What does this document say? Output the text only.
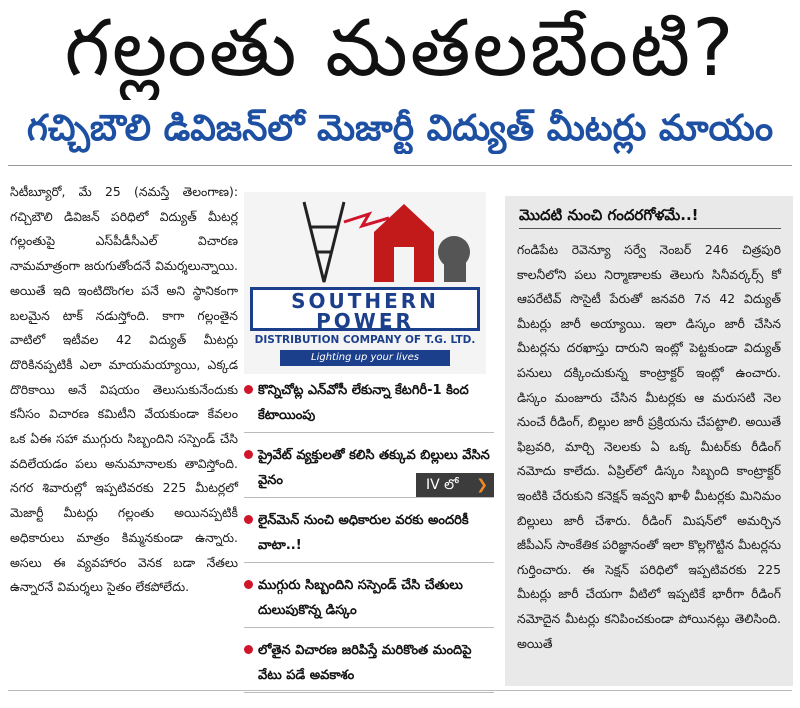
గల్లంతు మతలబేంటి?
గచ్చిబౌలి డివిజన్‌లో మెజార్టీ విద్యుత్ మీటర్లు మాయం

సిటీబ్యూరో, మే 25 (నమస్తే తెలంగాణ): గచ్చిబౌలి డివిజన్ పరిధిలో విద్యుత్ మీటర్ల గల్లంతుపై ఎస్‌పీడీసీఎల్ విచారణ నామమాత్రంగా జరుగుతోందనే విమర్శలున్నాయి. అయితే ఇది ఇంటిదొంగల పనే అని స్థానికంగా బలమైన టాక్ నడుస్తోంది. కాగా గల్లంతైన వాటిలో ఇటీవల 42 విద్యుత్ మీటర్లు దొరికినప్పటికీ ఎలా మాయమయ్యాయి, ఎక్కడ దొరికాయి అనే విషయం తెలుసుకునేందుకు కనీసం విచారణ కమిటీని వేయకుండా కేవలం ఒక ఏఈ సహా ముగ్గురు సిబ్బందిని సస్పెండ్ చేసి వదిలేయడం పలు అనుమానాలకు తావిస్తోంది. నగర శివారుల్లో ఇప్పటివరకు 225 మీటర్లలో మెజార్టీ మీటర్లు గల్లంతు అయినప్పటికీ అధికారులు మాత్రం కిమ్మనకుండా ఉన్నారు. అసలు ఈ వ్యవహారం వెనక బడా నేతలు ఉన్నారనే విమర్శలు సైతం లేకపోలేదు.

SOUTHERN
POWER
DISTRIBUTION COMPANY OF T.G. LTD.
Lighting up your lives
కొన్నిచోట్ల ఎన్‌వోసీ లేకున్నా కేటగిరీ-1 కింద కేటాయింపు
ప్రైవేట్ వ్యక్తులతో కలిసి తక్కువ బిల్లులు వేసిన వైనం
లైన్‌మెన్ నుంచి అధికారుల వరకు అందరికీ వాటా..!
ముగ్గురు సిబ్బందిని సస్పెండ్ చేసి చేతులు దులుపుకొన్న డిస్కం
లోతైన విచారణ జరిపిస్తే మరికొంత మందిపై వేటు పడే అవకాశం
IV లో ❯
మొదటి నుంచి గందరగోళమే..!

గండిపేట రెవెన్యూ సర్వే నెంబర్ 246 చిత్రపురి కాలనీలోని పలు నిర్మాణాలకు తెలుగు సినీవర్కర్స్ కో ఆపరేటివ్ సొసైటీ పేరుతో జనవరి 7న 42 విద్యుత్ మీటర్లు జారీ అయ్యాయి. ఇలా డిస్కం జారీ చేసిన మీటర్లను దరఖాస్తు దారుని ఇంట్లో పెట్టకుండా విద్యుత్ పనులు దక్కించుకున్న కాంట్రాక్టర్ ఇంట్లో ఉంచారు. డిస్కం మంజూరు చేసిన మీటర్లకు ఆ మరుసటి నెల నుంచే రీడింగ్, బిల్లుల జారీ ప్రక్రియను చేపట్టాలి. అయితే ఫిబ్రవరి, మార్చి నెలలకు ఏ ఒక్క మీటర్‌కు రీడింగ్ నమోదు కాలేదు. ఏప్రిల్‌లో డిస్కం సిబ్బంది కాంట్రాక్టర్ ఇంటికి చేరుకుని కనెక్షన్ ఇవ్వని ఖాళీ మీటర్లకు మినిమం బిల్లులు జారీ చేశారు. రీడింగ్ మిషన్‌లో అమర్చిన జీపీఎస్ సాంకేతిక పరిజ్ఞానంతో ఇలా కొల్లగొట్టిన మీటర్లను గుర్తించారు. ఈ సెక్షన్ పరిధిలో ఇప్పటివరకు 225 మీటర్లు జారీ చేయగా వీటిలో ఇప్పటికే భారీగా రీడింగ్ నమోదైన మీటర్లు కనిపించకుండా పోయినట్లు తెలిసింది. అయితే
